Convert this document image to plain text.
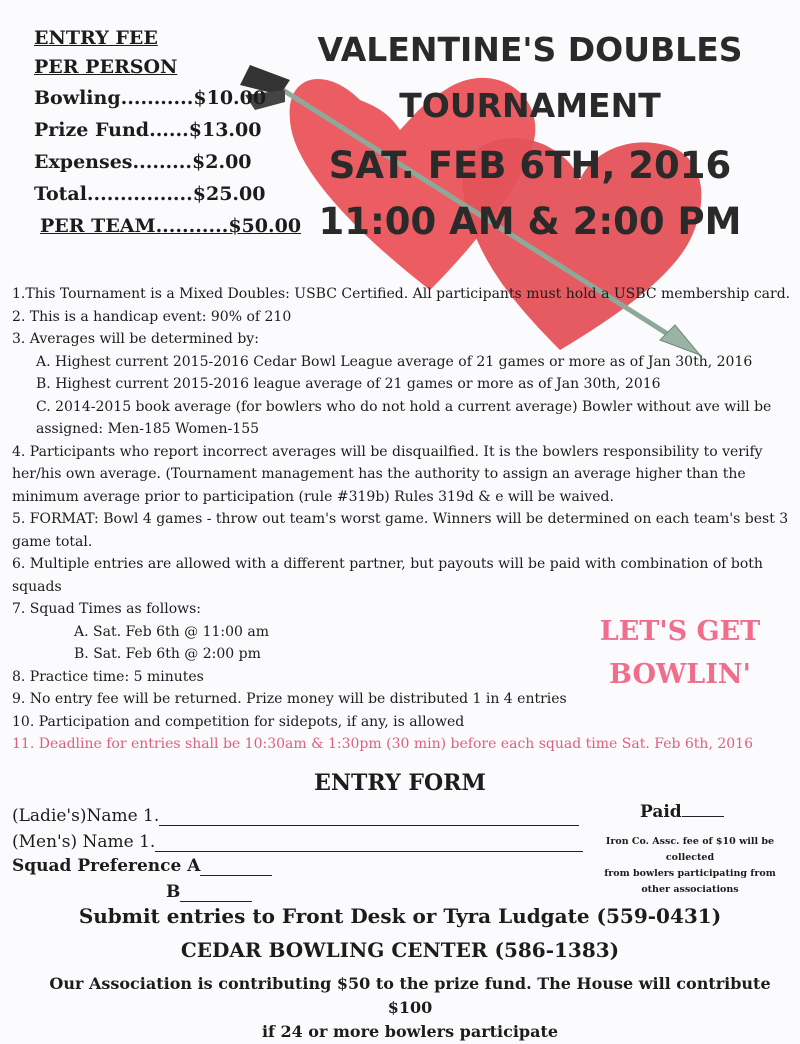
ENTRY FEE
PER PERSON
Bowling...........$10.00
Prize Fund......$13.00
Expenses.........$2.00
Total................$25.00
PER TEAM...........$50.00
VALENTINE'S DOUBLES
TOURNAMENT
SAT. FEB 6TH, 2016
11:00 AM & 2:00 PM

1.This Tournament is a Mixed Doubles: USBC Certified. All participants must hold a USBC membership card.

2. This is a handicap event: 90% of 210

3. Averages will be determined by:

A. Highest current 2015-2016 Cedar Bowl League average of 21 games or more as of Jan 30th, 2016

B. Highest current 2015-2016 league average of 21 games or more as of Jan 30th, 2016

C. 2014-2015 book average (for bowlers who do not hold a current average) Bowler without ave will be assigned: Men-185 Women-155

4. Participants who report incorrect averages will be disquailfied. It is the bowlers responsibility to verify her/his own average. (Tournament management has the authority to assign an average higher than the minimum average prior to participation (rule #319b) Rules 319d & e will be waived.

5. FORMAT: Bowl 4 games - throw out team's worst game. Winners will be determined on each team's best 3 game total.

6. Multiple entries are allowed with a different partner, but payouts will be paid with combination of both squads

7. Squad Times as follows:

A. Sat. Feb 6th @ 11:00 am

B. Sat. Feb 6th @ 2:00 pm

8. Practice time: 5 minutes

9. No entry fee will be returned. Prize money will be distributed 1 in 4 entries

10. Participation and competition for sidepots, if any, is allowed

11. Deadline for entries shall be 10:30am & 1:30pm (30 min) before each squad time Sat. Feb 6th, 2016

LET'S GET
BOWLIN'
ENTRY FORM
(Ladie's)Name 1.
(Men's) Name 1.
Squad Preference A
B
Paid
Iron Co. Assc. fee of $10 will be
collected
from bowlers participating from
other associations
Submit entries to Front Desk or Tyra Ludgate (559-0431)
CEDAR BOWLING CENTER (586-1383)
Our Association is contributing $50 to the prize fund. The House will contribute $100
if 24 or more bowlers participate
